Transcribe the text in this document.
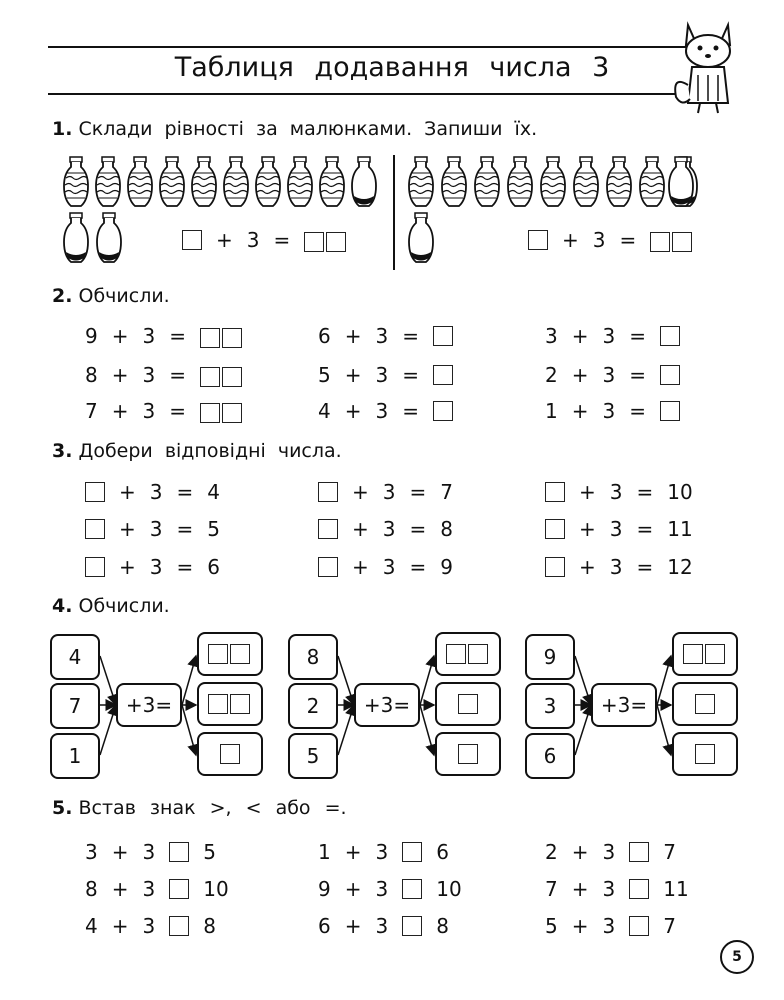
Таблиця додавання числа 3
1. Склади рівності за малюнками. Запиши їх.
+ 3 =	+ 3 =
2. Обчисли.
9 + 3 =	6 + 3 =	3 + 3 =
8 + 3 =	5 + 3 =	2 + 3 =
7 + 3 =	4 + 3 =	1 + 3 =
3. Добери відповідні числа.
+ 3 = 4	+ 3 = 7	+ 3 = 10
+ 3 = 5	+ 3 = 8	+ 3 = 11
+ 3 = 6	+ 3 = 9	+ 3 = 12
4. Обчисли.
4
7
1
+3=
8
2
5
+3=
9
3
6
+3=
5. Встав знак >, < або =.
3 + 3 5	1 + 3 6	2 + 3 7
8 + 3 10	9 + 3 10	7 + 3 11
4 + 3 8	6 + 3 8	5 + 3 7
5
